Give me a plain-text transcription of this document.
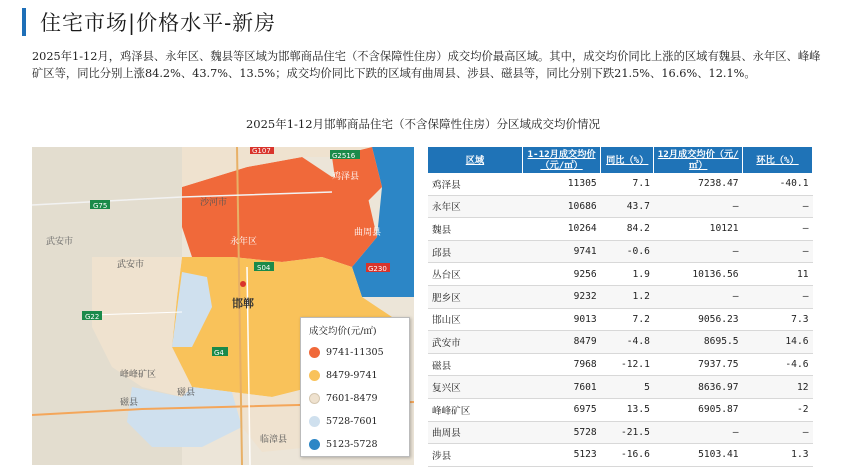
住宅市场|价格水平-新房
2025年1-12月，鸡泽县、永年区、魏县等区域为邯郸商品住宅（不含保障性住房）成交均价最高区域。其中，成交均价同比上涨的区域有魏县、永年区、峰峰矿区等，同比分别上涨84.2%、43.7%、13.5%；成交均价同比下跌的区域有曲周县、涉县、磁县等，同比分别下跌21.5%、16.6%、12.1%。
2025年1-12月邯郸商品住宅（不含保障性住房）分区域成交均价情况
G107
G2516
G75
G22
S04	G230
G4
沙河市
鸡泽县
永年区
曲周县
武安市
武安市
邯郸
峰峰矿区
磁县
临漳县
磁县
成交均价(元/㎡)
9741-11305
8479-9741
7601-8479
5728-7601
5123-5728
区域	1-12月成交均价（元/㎡）	同比（%）	12月成交均价（元/㎡）	环比（%）
鸡泽县	11305	7.1	7238.47	-40.1
永年区	10686	43.7	—	—
魏县	10264	84.2	10121	—
邱县	9741	-0.6	—	—
丛台区	9256	1.9	10136.56	11
肥乡区	9232	1.2	—	—
邯山区	9013	7.2	9056.23	7.3
武安市	8479	-4.8	8695.5	14.6
磁县	7968	-12.1	7937.75	-4.6
复兴区	7601	5	8636.97	12
峰峰矿区	6975	13.5	6905.87	-2
曲周县	5728	-21.5	—	—
涉县	5123	-16.6	5103.41	1.3
